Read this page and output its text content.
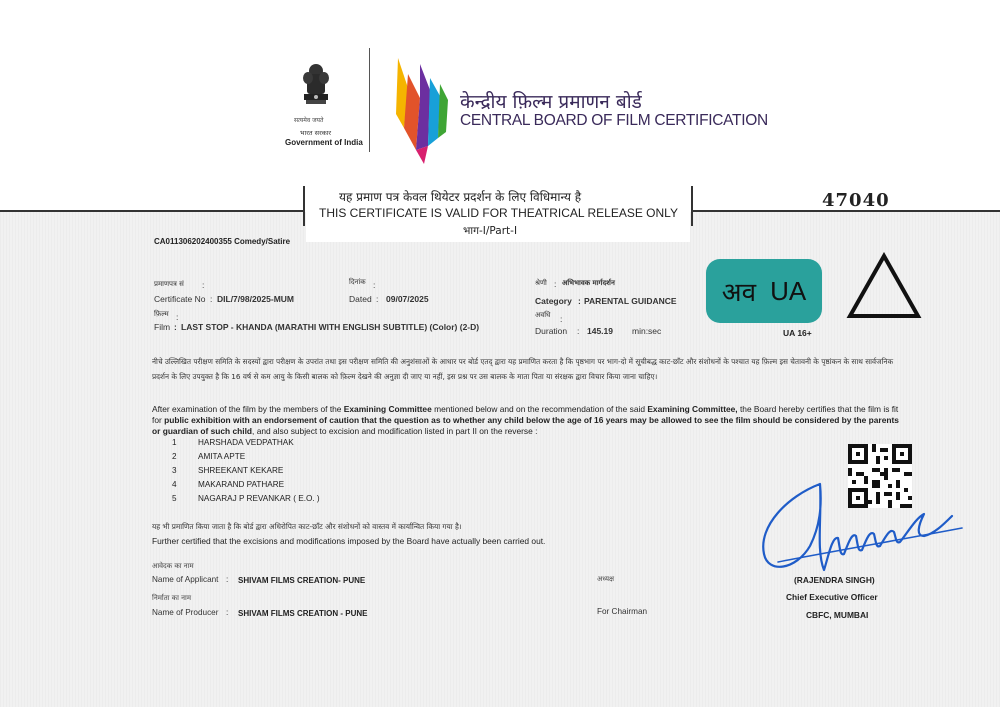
सत्यमेव जयते
भारत सरकार
Government of India
केन्द्रीय फ़िल्म प्रमाणन बोर्ड
CENTRAL BOARD OF FILM CERTIFICATION
यह प्रमाण पत्र केवल थियेटर प्रदर्शन के लिए विधिमान्य है
THIS CERTIFICATE IS VALID FOR THEATRICAL RELEASE ONLY
भाग-I/Part-I
47040
CA011306202400355 Comedy/Satire
प्रमाणपत्र सं :
Certificate No : DIL/7/98/2025-MUM
दिनांक :
Dated : 09/07/2025
श्रेणी : अभिभावक मार्गदर्शन
Category : PARENTAL GUIDANCE
फ़िल्म :
Film : LAST STOP - KHANDA (MARATHI WITH ENGLISH SUBTITLE) (Color) (2-D)
अवधि :
Duration : 145.19 min:sec
अव UA
UA 16+
नीचे उल्लिखित परीक्षण समिति के सदस्यों द्वारा परीक्षण के उपरांत तथा इस परीक्षण समिति की अनुशंसाओं के आधार पर बोर्ड एतद् द्वारा यह प्रमाणित करता है कि पृष्ठभाग पर भाग-दो में सूचीबद्ध काट-छाँट और संशोधनों के पश्चात यह फ़िल्म इस चेतावनी के पृष्ठांकन के साथ सार्वजनिक प्रदर्शन के लिए उपयुक्त है कि 16 वर्ष से कम आयु के किसी बालक को फ़िल्म देखने की अनुज्ञा दी जाए या नहीं, इस प्रश्न पर उस बालक के माता पिता या संरक्षक द्वारा विचार किया जाना चाहिए।
After examination of the film by the members of the Examining Committee mentioned below and on the recommendation of the said Examining Committee, the Board hereby certifies that the film is fit for public exhibition with an endorsement of caution that the question as to whether any child below the age of 16 years may be allowed to see the film should be considered by the parents or guardian of such child, and also subject to excision and modification listed in part II on the reverse :
1	HARSHADA VEDPATHAK
2	AMITA APTE
3	SHREEKANT KEKARE
4	MAKARAND PATHARE
5	NAGARAJ P REVANKAR ( E.O. )
यह भी प्रमाणित किया जाता है कि बोर्ड द्वारा अधिरोपित काट-छाँट और संशोधनों को वास्तव में कार्यान्वित किया गया है।
Further certified that the excisions and modifications imposed by the Board have actually been carried out.
आवेदक का नाम
Name of Applicant : SHIVAM FILMS CREATION- PUNE
निर्माता का नाम
Name of Producer : SHIVAM FILMS CREATION - PUNE
अध्यक्ष
For Chairman
(RAJENDRA SINGH)
Chief Executive Officer
CBFC, MUMBAI
